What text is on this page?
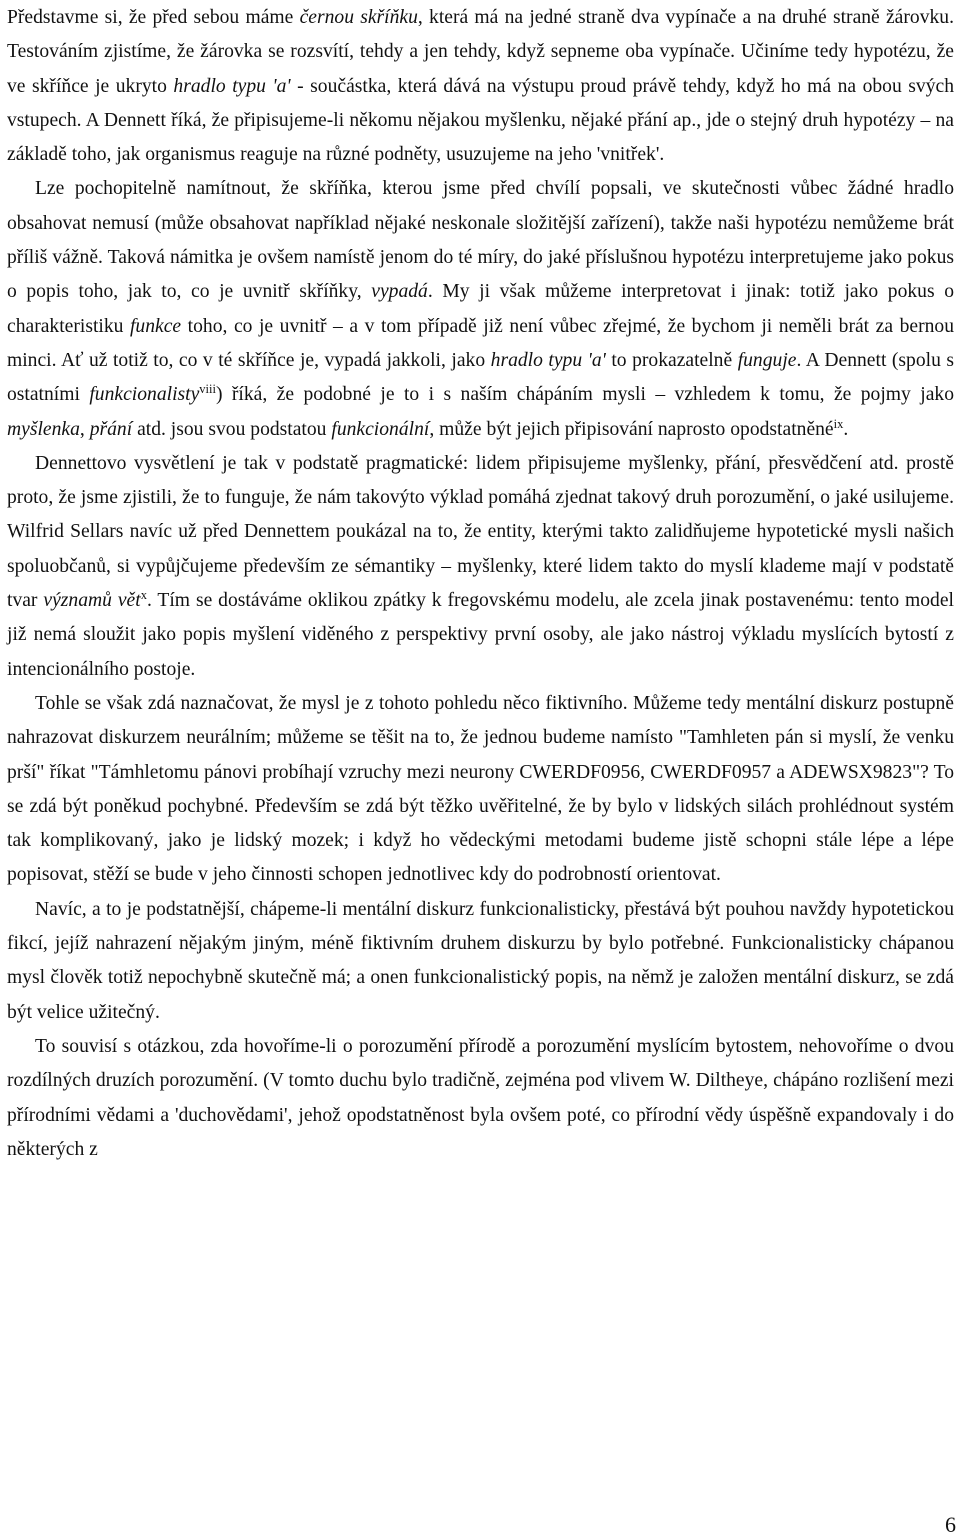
Představme si, že před sebou máme černou skříňku, která má na jedné straně dva vypínače a na druhé straně žárovku. Testováním zjistíme, že žárovka se rozsvítí, tehdy a jen tehdy, když sepneme oba vypínače. Učiníme tedy hypotézu, že ve skříňce je ukryto hradlo typu 'a' - součástka, která dává na výstupu proud právě tehdy, když ho má na obou svých vstupech. A Dennett říká, že připisujeme-li někomu nějakou myšlenku, nějaké přání ap., jde o stejný druh hypotézy – na základě toho, jak organismus reaguje na různé podněty, usuzujeme na jeho 'vnitřek'.

Lze pochopitelně namítnout, že skříňka, kterou jsme před chvílí popsali, ve skutečnosti vůbec žádné hradlo obsahovat nemusí (může obsahovat například nějaké neskonale složitější zařízení), takže naši hypotézu nemůžeme brát příliš vážně. Taková námitka je ovšem namístě jenom do té míry, do jaké příslušnou hypotézu interpretujeme jako pokus o popis toho, jak to, co je uvnitř skříňky, vypadá. My ji však můžeme interpretovat i jinak: totiž jako pokus o charakteristiku funkce toho, co je uvnitř – a v tom případě již není vůbec zřejmé, že bychom ji neměli brát za bernou minci. Ať už totiž to, co v té skříňce je, vypadá jakkoli, jako hradlo typu 'a' to prokazatelně funguje. A Dennett (spolu s ostatními funkcionalisty$^{viii}$) říká, že podobné je to i s naším chápáním mysli – vzhledem k tomu, že pojmy jako myšlenka, přání atd. jsou svou podstatou funkcionální, může být jejich připisování naprosto opodstatněné$^{ix}$.

Dennettovo vysvětlení je tak v podstatě pragmatické: lidem připisujeme myšlenky, přání, přesvědčení atd. prostě proto, že jsme zjistili, že to funguje, že nám takovýto výklad pomáhá zjednat takový druh porozumění, o jaké usilujeme. Wilfrid Sellars navíc už před Dennettem poukázal na to, že entity, kterými takto zalidňujeme hypotetické mysli našich spoluobčanů, si vypůjčujeme především ze sémantiky – myšlenky, které lidem takto do myslí klademe mají v podstatě tvar významů vět$^x$. Tím se dostáváme oklikou zpátky k fregovskému modelu, ale zcela jinak postavenému: tento model již nemá sloužit jako popis myšlení viděného z perspektivy první osoby, ale jako nástroj výkladu myslících bytostí z intencionálního postoje.

Tohle se však zdá naznačovat, že mysl je z tohoto pohledu něco fiktivního. Můžeme tedy mentální diskurz postupně nahrazovat diskurzem neurálním; můžeme se těšit na to, že jednou budeme namísto "Tamhleten pán si myslí, že venku prší" říkat "Támhletomu pánovi probíhají vzruchy mezi neurony CWERDF0956, CWERDF0957 a ADEWSX9823"? To se zdá být poněkud pochybné. Především se zdá být těžko uvěřitelné, že by bylo v lidských silách prohlédnout systém tak komplikovaný, jako je lidský mozek; i když ho vědeckými metodami budeme jistě schopni stále lépe a lépe popisovat, stěží se bude v jeho činnosti schopen jednotlivec kdy do podrobností orientovat.

Navíc, a to je podstatnější, chápeme-li mentální diskurz funkcionalisticky, přestává být pouhou navždy hypotetickou fikcí, jejíž nahrazení nějakým jiným, méně fiktivním druhem diskurzu by bylo potřebné. Funkcionalisticky chápanou mysl člověk totiž nepochybně skutečně má; a onen funkcionalistický popis, na němž je založen mentální diskurz, se zdá být velice užitečný.

To souvisí s otázkou, zda hovoříme-li o porozumění přírodě a porozumění myslícím bytostem, nehovoříme o dvou rozdílných druzích porozumění. (V tomto duchu bylo tradičně, zejména pod vlivem W. Diltheye, chápáno rozlišení mezi přírodními vědami a 'duchovědami', jehož opodstatněnost byla ovšem poté, co přírodní vědy úspěšně expandovaly i do některých z

6
